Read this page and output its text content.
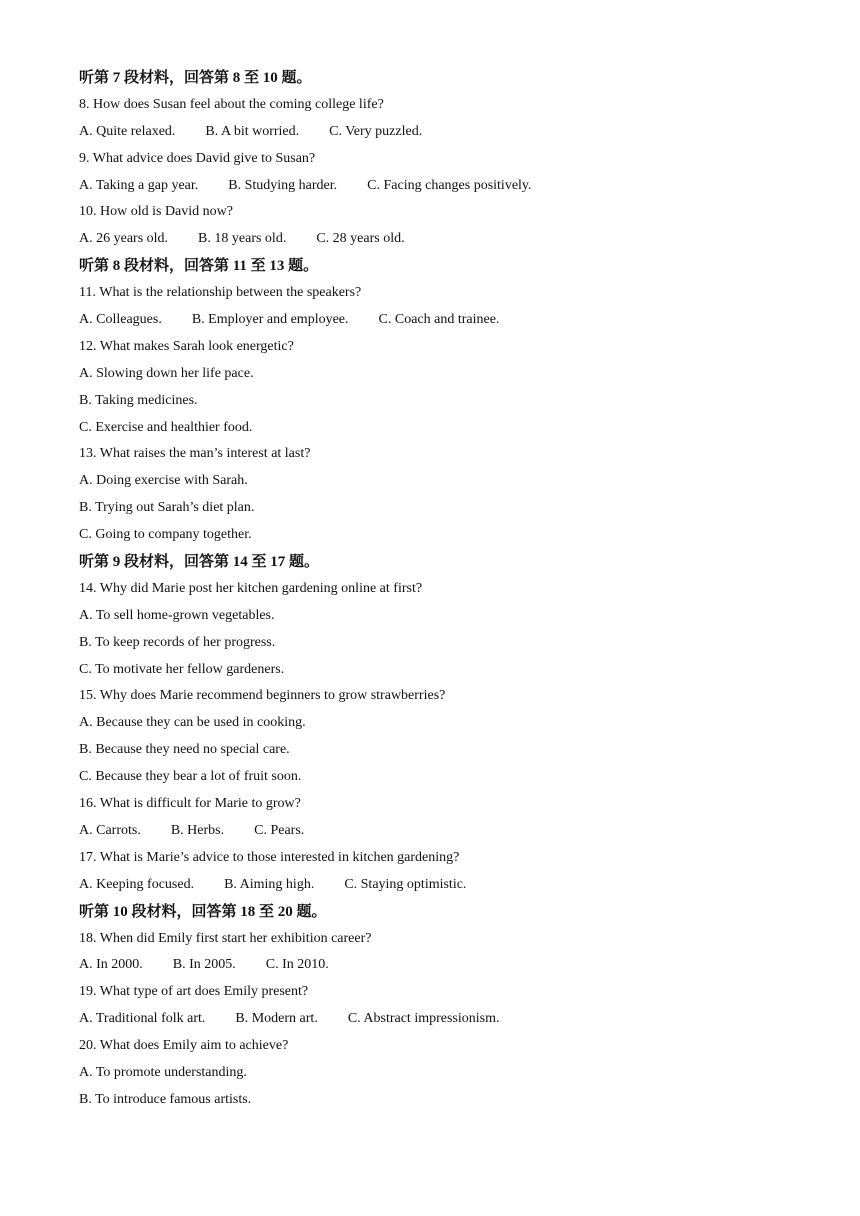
听第 7 段材料，回答第 8 至 10 题。
8. How does Susan feel about the coming college life?
A. Quite relaxed. B. A bit worried. C. Very puzzled.
9. What advice does David give to Susan?
A. Taking a gap year. B. Studying harder. C. Facing changes positively.
10. How old is David now?
A. 26 years old. B. 18 years old. C. 28 years old.
听第 8 段材料，回答第 11 至 13 题。
11. What is the relationship between the speakers?
A. Colleagues. B. Employer and employee. C. Coach and trainee.
12. What makes Sarah look energetic?
A. Slowing down her life pace.
B. Taking medicines.
C. Exercise and healthier food.
13. What raises the man’s interest at last?
A. Doing exercise with Sarah.
B. Trying out Sarah’s diet plan.
C. Going to company together.
听第 9 段材料，回答第 14 至 17 题。
14. Why did Marie post her kitchen gardening online at first?
A. To sell home-grown vegetables.
B. To keep records of her progress.
C. To motivate her fellow gardeners.
15. Why does Marie recommend beginners to grow strawberries?
A. Because they can be used in cooking.
B. Because they need no special care.
C. Because they bear a lot of fruit soon.
16. What is difficult for Marie to grow?
A. Carrots. B. Herbs. C. Pears.
17. What is Marie’s advice to those interested in kitchen gardening?
A. Keeping focused. B. Aiming high. C. Staying optimistic.
听第 10 段材料，回答第 18 至 20 题。
18. When did Emily first start her exhibition career?
A. In 2000. B. In 2005. C. In 2010.
19. What type of art does Emily present?
A. Traditional folk art. B. Modern art. C. Abstract impressionism.
20. What does Emily aim to achieve?
A. To promote understanding.
B. To introduce famous artists.
